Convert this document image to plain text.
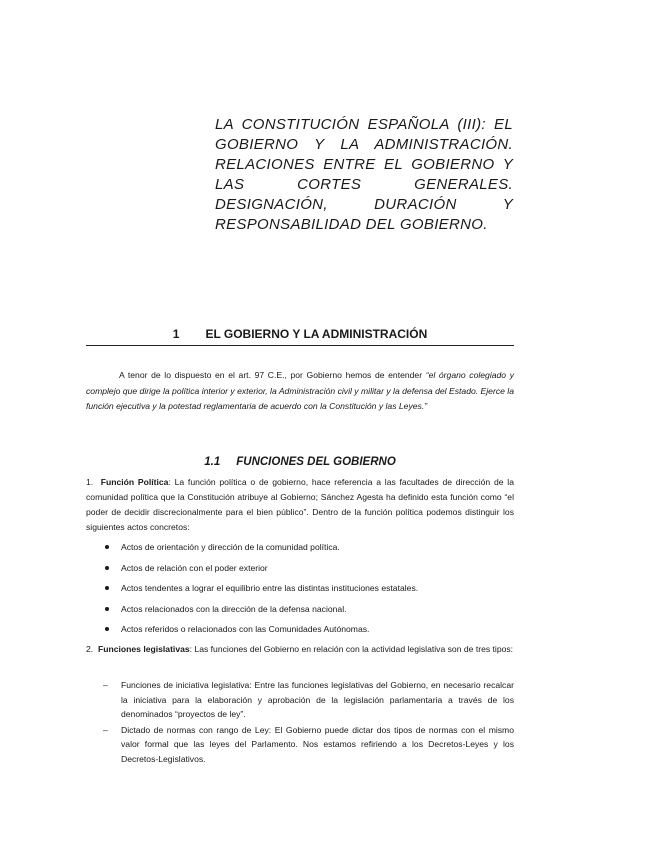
LA CONSTITUCIÓN ESPAÑOLA (III): EL GOBIERNO Y LA ADMINISTRACIÓN. RELACIONES ENTRE EL GOBIERNO Y LAS CORTES GENERALES. DESIGNACIÓN, DURACIÓN Y RESPONSABILIDAD DEL GOBIERNO.
1 EL GOBIERNO Y LA ADMINISTRACIÓN

A tenor de lo dispuesto en el art. 97 C.E., por Gobierno hemos de entender “el órgano colegiado y complejo que dirige la política interior y exterior, la Administración civil y militar y la defensa del Estado. Ejerce la función ejecutiva y la potestad reglamentaria de acuerdo con la Constitución y las Leyes.”

1.1 FUNCIONES DEL GOBIERNO

1. Función Política: La función política o de gobierno, hace referencia a las facultades de dirección de la comunidad política que la Constitución atribuye al Gobierno; Sánchez Agesta ha definido esta función como “el poder de decidir discrecionalmente para el bien público”. Dentro de la función política podemos distinguir los siguientes actos concretos:

Actos de orientación y dirección de la comunidad política.
Actos de relación con el poder exterior
Actos tendentes a lograr el equilibrio entre las distintas instituciones estatales.
Actos relacionados con la dirección de la defensa nacional.
Actos referidos o relacionados con las Comunidades Autónomas.

2. Funciones legislativas: Las funciones del Gobierno en relación con la actividad legislativa son de tres tipos:

– Funciones de iniciativa legislativa: Entre las funciones legislativas del Gobierno, en necesario recalcar la iniciativa para la elaboración y aprobación de la legislación parlamentaria a través de los denominados “proyectos de ley”.
– Dictado de normas con rango de Ley: El Gobierno puede dictar dos tipos de normas con el mismo valor formal que las leyes del Parlamento. Nos estamos refiriendo a los Decretos-Leyes y los Decretos-Legislativos.
